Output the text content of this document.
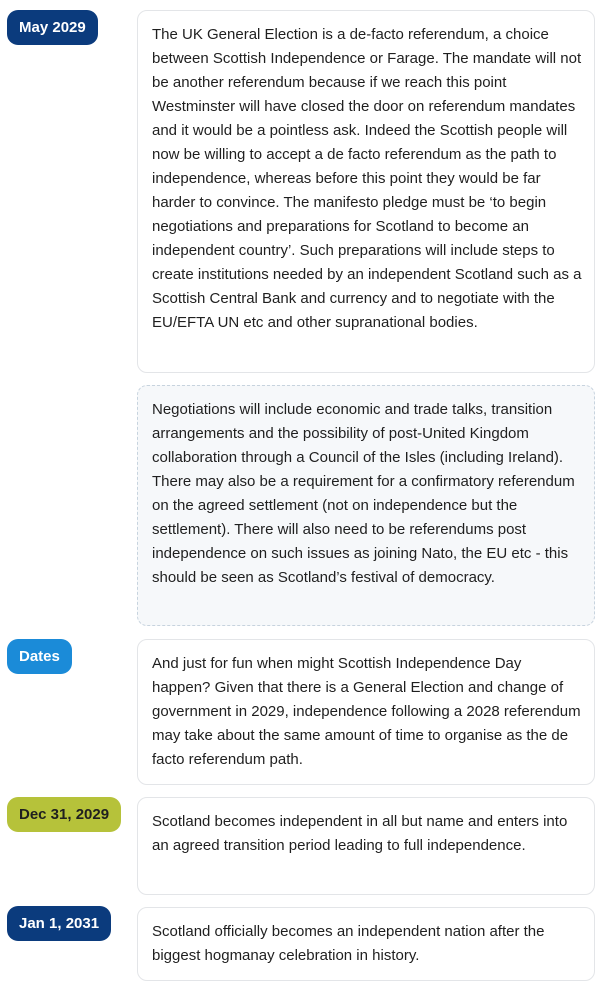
May 2029	The UK General Election is a de-facto referendum, a choice between Scottish Independence or Farage. The mandate will not be another referendum because if we reach this point Westminster will have closed the door on referendum mandates and it would be a pointless ask. Indeed the Scottish people will now be willing to accept a de facto referendum as the path to independence, whereas before this point they would be far harder to convince. The manifesto pledge must be ‘to begin negotiations and preparations for Scotland to become an independent country’. Such preparations will include steps to create institutions needed by an independent Scotland such as a Scottish Central Bank and currency and to negotiate with the EU/EFTA UN etc and other supranational bodies.

Negotiations will include economic and trade talks, transition arrangements and the possibility of post-United Kingdom collaboration through a Council of the Isles (including Ireland). There may also be a requirement for a confirmatory referendum on the agreed settlement (not on independence but the settlement). There will also need to be referendums post independence on such issues as joining Nato, the EU etc - this should be seen as Scotland’s festival of democracy.

Dates	And just for fun when might Scottish Independence Day happen? Given that there is a General Election and change of government in 2029, independence following a 2028 referendum may take about the same amount of time to organise as the de facto referendum path.

Dec 31, 2029	Scotland becomes independent in all but name and enters into an agreed transition period leading to full independence.

Jan 1, 2031	Scotland officially becomes an independent nation after the biggest hogmanay celebration in history.
